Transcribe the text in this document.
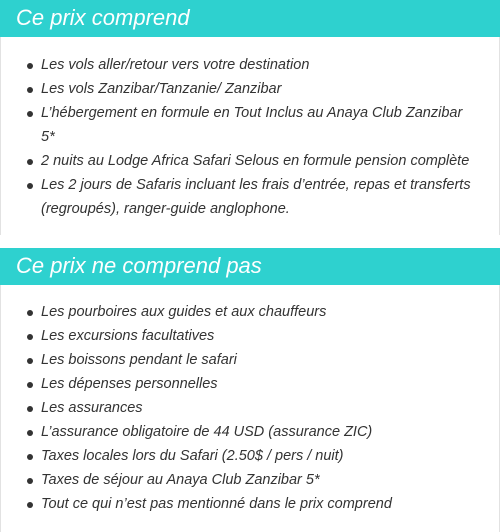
Ce prix comprend
Les vols aller/retour vers votre destination
Les vols Zanzibar/Tanzanie/ Zanzibar
L’hébergement en formule en Tout Inclus au Anaya Club Zanzibar 5*
2 nuits au Lodge Africa Safari Selous en formule pension complète
Les 2 jours de Safaris incluant les frais d’entrée, repas et transferts (regroupés), ranger-guide anglophone.
Ce prix ne comprend pas
Les pourboires aux guides et aux chauffeurs
Les excursions facultatives
Les boissons pendant le safari
Les dépenses personnelles
Les assurances
L’assurance obligatoire de 44 USD (assurance ZIC)
Taxes locales lors du Safari (2.50$ / pers / nuit)
Taxes de séjour au Anaya Club Zanzibar 5*
Tout ce qui n’est pas mentionné dans le prix comprend
